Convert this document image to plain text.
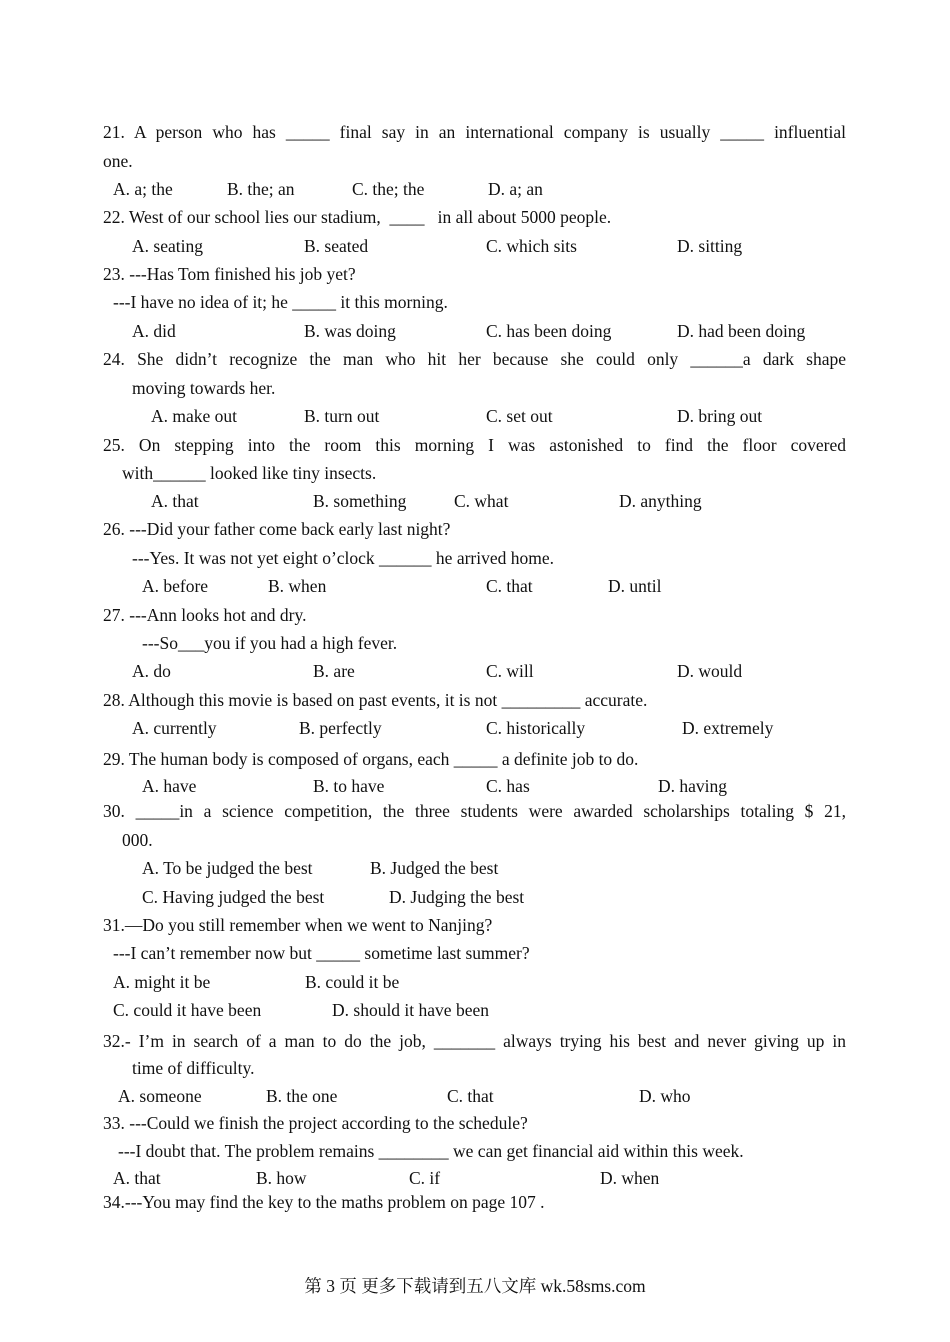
21. A person who has _____ final say in an international company is usually _____ influential
one.
A. a; the	B. the; an	C. the; the	D. a; an
22. West of our school lies our stadium,  ____   in all about 5000 people.
A. seating	B. seated	C. which sits	D. sitting
23. ---Has Tom finished his job yet?
---I have no idea of it; he _____ it this morning.
A. did	B. was doing	C. has been doing	D. had been doing
24. She didn’t recognize the man who hit her because she could only ______a dark shape
moving towards her.
A. make out	B. turn out	C. set out	D. bring out
25. On stepping into the room this morning I was astonished to find the floor covered
with______ looked like tiny insects.
A. that	B. something	C. what	D. anything
26. ---Did your father come back early last night?
---Yes. It was not yet eight o’clock ______ he arrived home.
A. before	B. when	C. that	D. until
27. ---Ann looks hot and dry.
---So___you if you had a high fever.
A. do	B. are	C. will	D. would
28. Although this movie is based on past events, it is not _________ accurate.
A. currently	B. perfectly	C. historically	D. extremely
29. The human body is composed of organs, each _____ a definite job to do.
A. have	B. to have	C. has	D. having
30. _____in a science competition, the three students were awarded scholarships totaling $ 21,
000.
A. To be judged the best	B. Judged the best
C. Having judged the best	D. Judging the best
31.—Do you still remember when we went to Nanjing?
---I can’t remember now but _____ sometime last summer?
A. might it be	B. could it be
C. could it have been	D. should it have been
32.- I’m in search of a man to do the job, _______ always trying his best and never giving up in
time of difficulty.
A. someone	B. the one	C. that	D. who
33. ---Could we finish the project according to the schedule?
---I doubt that. The problem remains ________ we can get financial aid within this week.
A. that	B. how	C. if	D. when
34.---You may find the key to the maths problem on page 107 .
第 3 页 更多下载请到五八文库 wk.58sms.com
